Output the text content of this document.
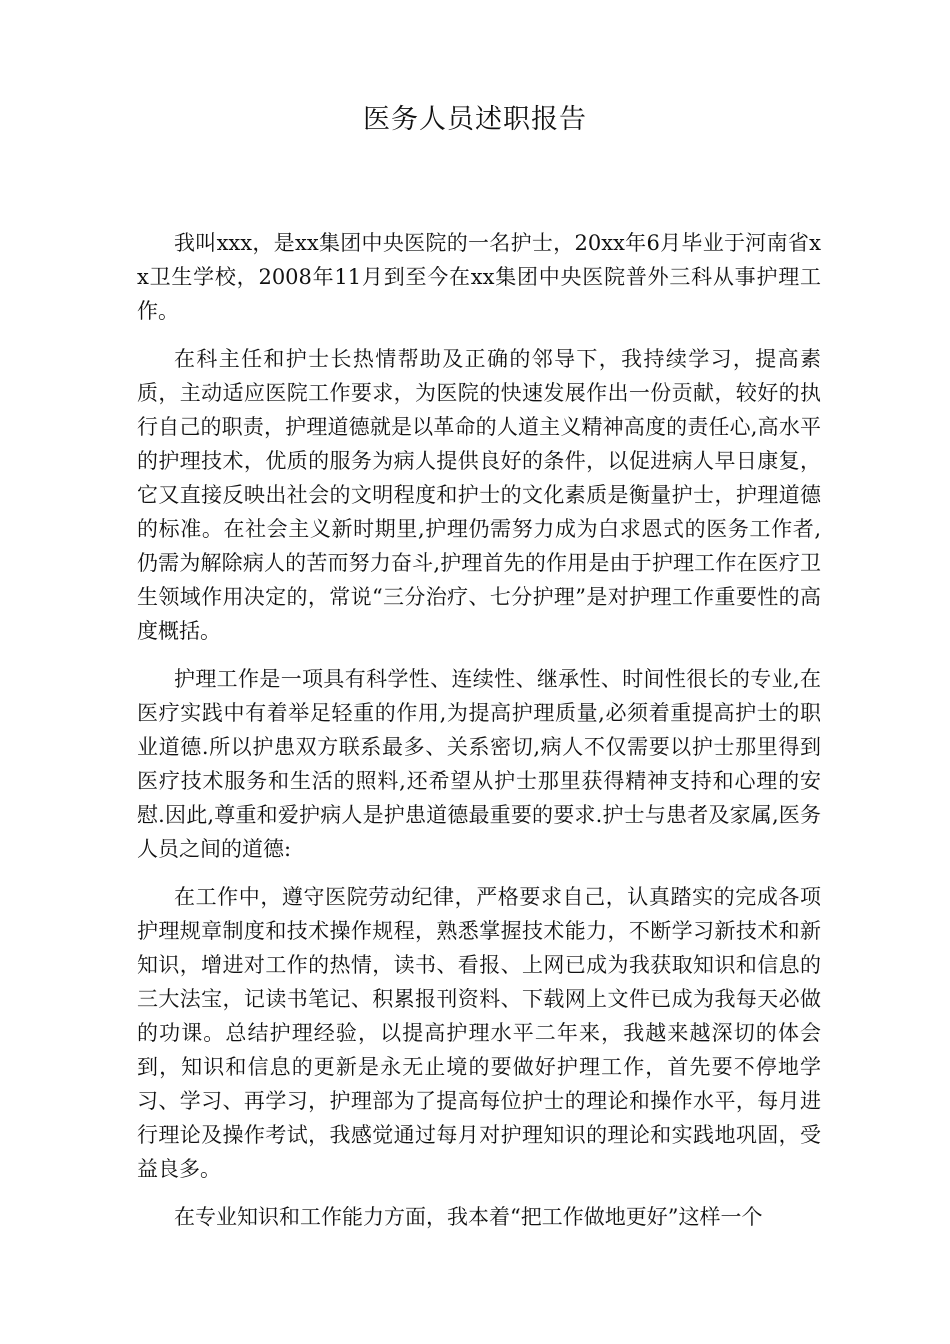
医务人员述职报告

我叫xxx，是xx集团中央医院的一名护士，20xx年6月毕业于河南省xx卫生学校，2008年11月到至今在xx集团中央医院普外三科从事护理工作。

在科主任和护士长热情帮助及正确的邻导下，我持续学习，提高素质，主动适应医院工作要求，为医院的快速发展作出一份贡献，较好的执行自己的职责，护理道德就是以革命的人道主义精神高度的责任心,高水平的护理技术，优质的服务为病人提供良好的条件，以促进病人早日康复，它又直接反映出社会的文明程度和护士的文化素质是衡量护士，护理道德的标准。在社会主义新时期里,护理仍需努力成为白求恩式的医务工作者,仍需为解除病人的苦而努力奋斗,护理首先的作用是由于护理工作在医疗卫生领域作用决定的，常说“三分治疗、七分护理”是对护理工作重要性的高度概括。

护理工作是一项具有科学性、连续性、继承性、时间性很长的专业,在医疗实践中有着举足轻重的作用,为提高护理质量,必须着重提高护士的职业道德.所以护患双方联系最多、关系密切,病人不仅需要以护士那里得到医疗技术服务和生活的照料,还希望从护士那里获得精神支持和心理的安慰.因此,尊重和爱护病人是护患道德最重要的要求.护士与患者及家属,医务人员之间的道德:

在工作中，遵守医院劳动纪律，严格要求自己，认真踏实的完成各项护理规章制度和技术操作规程，熟悉掌握技术能力，不断学习新技术和新知识，增进对工作的热情，读书、看报、上网已成为我获取知识和信息的三大法宝，记读书笔记、积累报刊资料、下载网上文件已成为我每天必做的功课。总结护理经验，以提高护理水平二年来，我越来越深切的体会到，知识和信息的更新是永无止境的要做好护理工作，首先要不停地学习、学习、再学习，护理部为了提高每位护士的理论和操作水平，每月进行理论及操作考试，我感觉通过每月对护理知识的理论和实践地巩固，受益良多。

在专业知识和工作能力方面，我本着“把工作做地更好”这样一个
